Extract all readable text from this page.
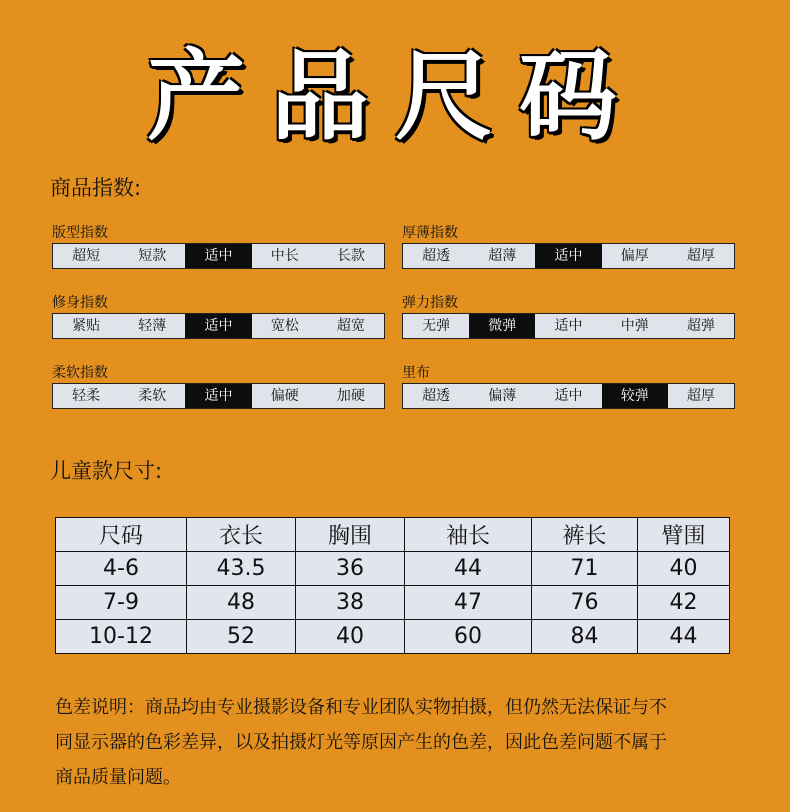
产品尺码
商品指数:
版型指数
超短	短款	适中	中长	长款
厚薄指数
超透	超薄	适中	偏厚	超厚
修身指数
紧贴	轻薄	适中	宽松	超宽
弹力指数
无弹	微弹	适中	中弹	超弹
柔软指数
轻柔	柔软	适中	偏硬	加硬
里布
超透	偏薄	适中	较弹	超厚
儿童款尺寸:
尺码	衣长	胸围	袖长	裤长	臂围
4-6	43.5	36	44	71	40
7-9	48	38	47	76	42
10-12	52	40	60	84	44
色差说明：商品均由专业摄影设备和专业团队实物拍摄，但仍然无法保证与不
同显示器的色彩差异，以及拍摄灯光等原因产生的色差，因此色差问题不属于
商品质量问题。
